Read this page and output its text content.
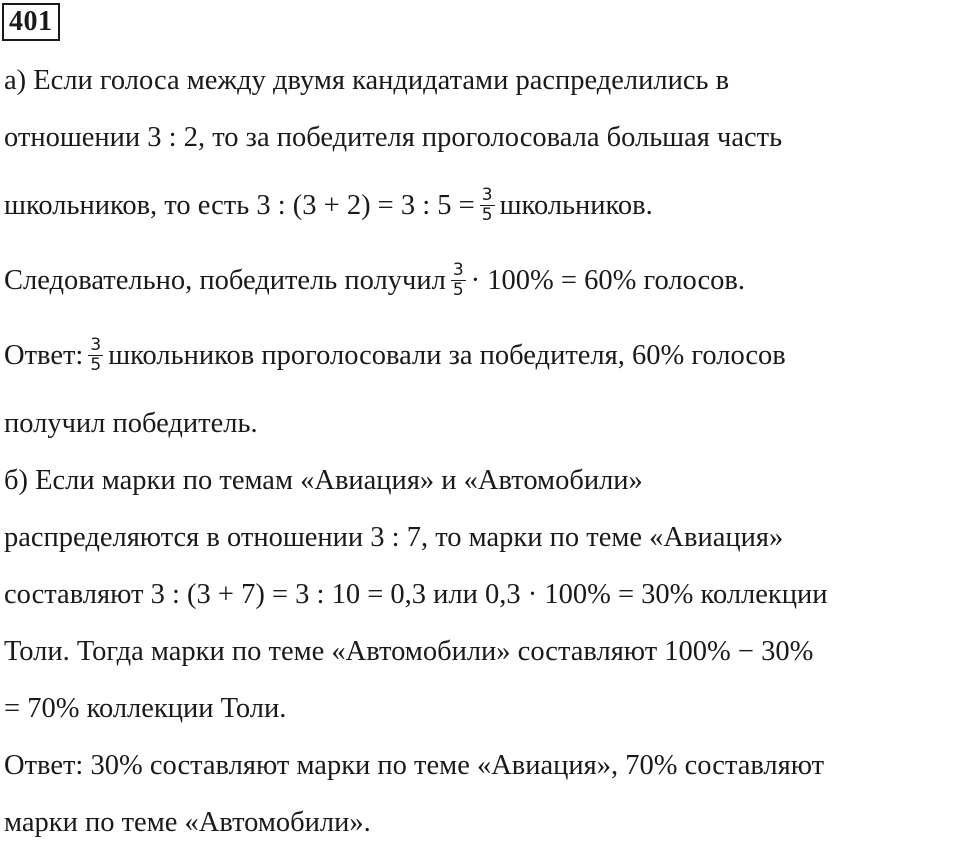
401
а) Если голоса между двумя кандидатами распределились в
отношении 3 : 2, то за победителя проголосовала большая часть
школьников, то есть 3 : (3 + 2) = 3 : $5 = \frac{3}{5}$ школьников.
Следовательно, победитель получил $\frac{3}{5} \cdot 100\% = 60\%$ голосов.
Ответ: $\frac{3}{5}$ школьников проголосовали за победителя, 60% голосов
получил победитель.
б) Если марки по темам «Авиация» и «Автомобили»
распределяются в отношении 3 : 7, то марки по теме «Авиация»
составляют 3 : (3 + 7) = 3 : 10 = 0,3 или 0,3 · 100% = 30% коллекции
Толи. Тогда марки по теме «Автомобили» составляют 100% − 30%
= 70% коллекции Толи.
Ответ: 30% составляют марки по теме «Авиация», 70% составляют
марки по теме «Автомобили».
